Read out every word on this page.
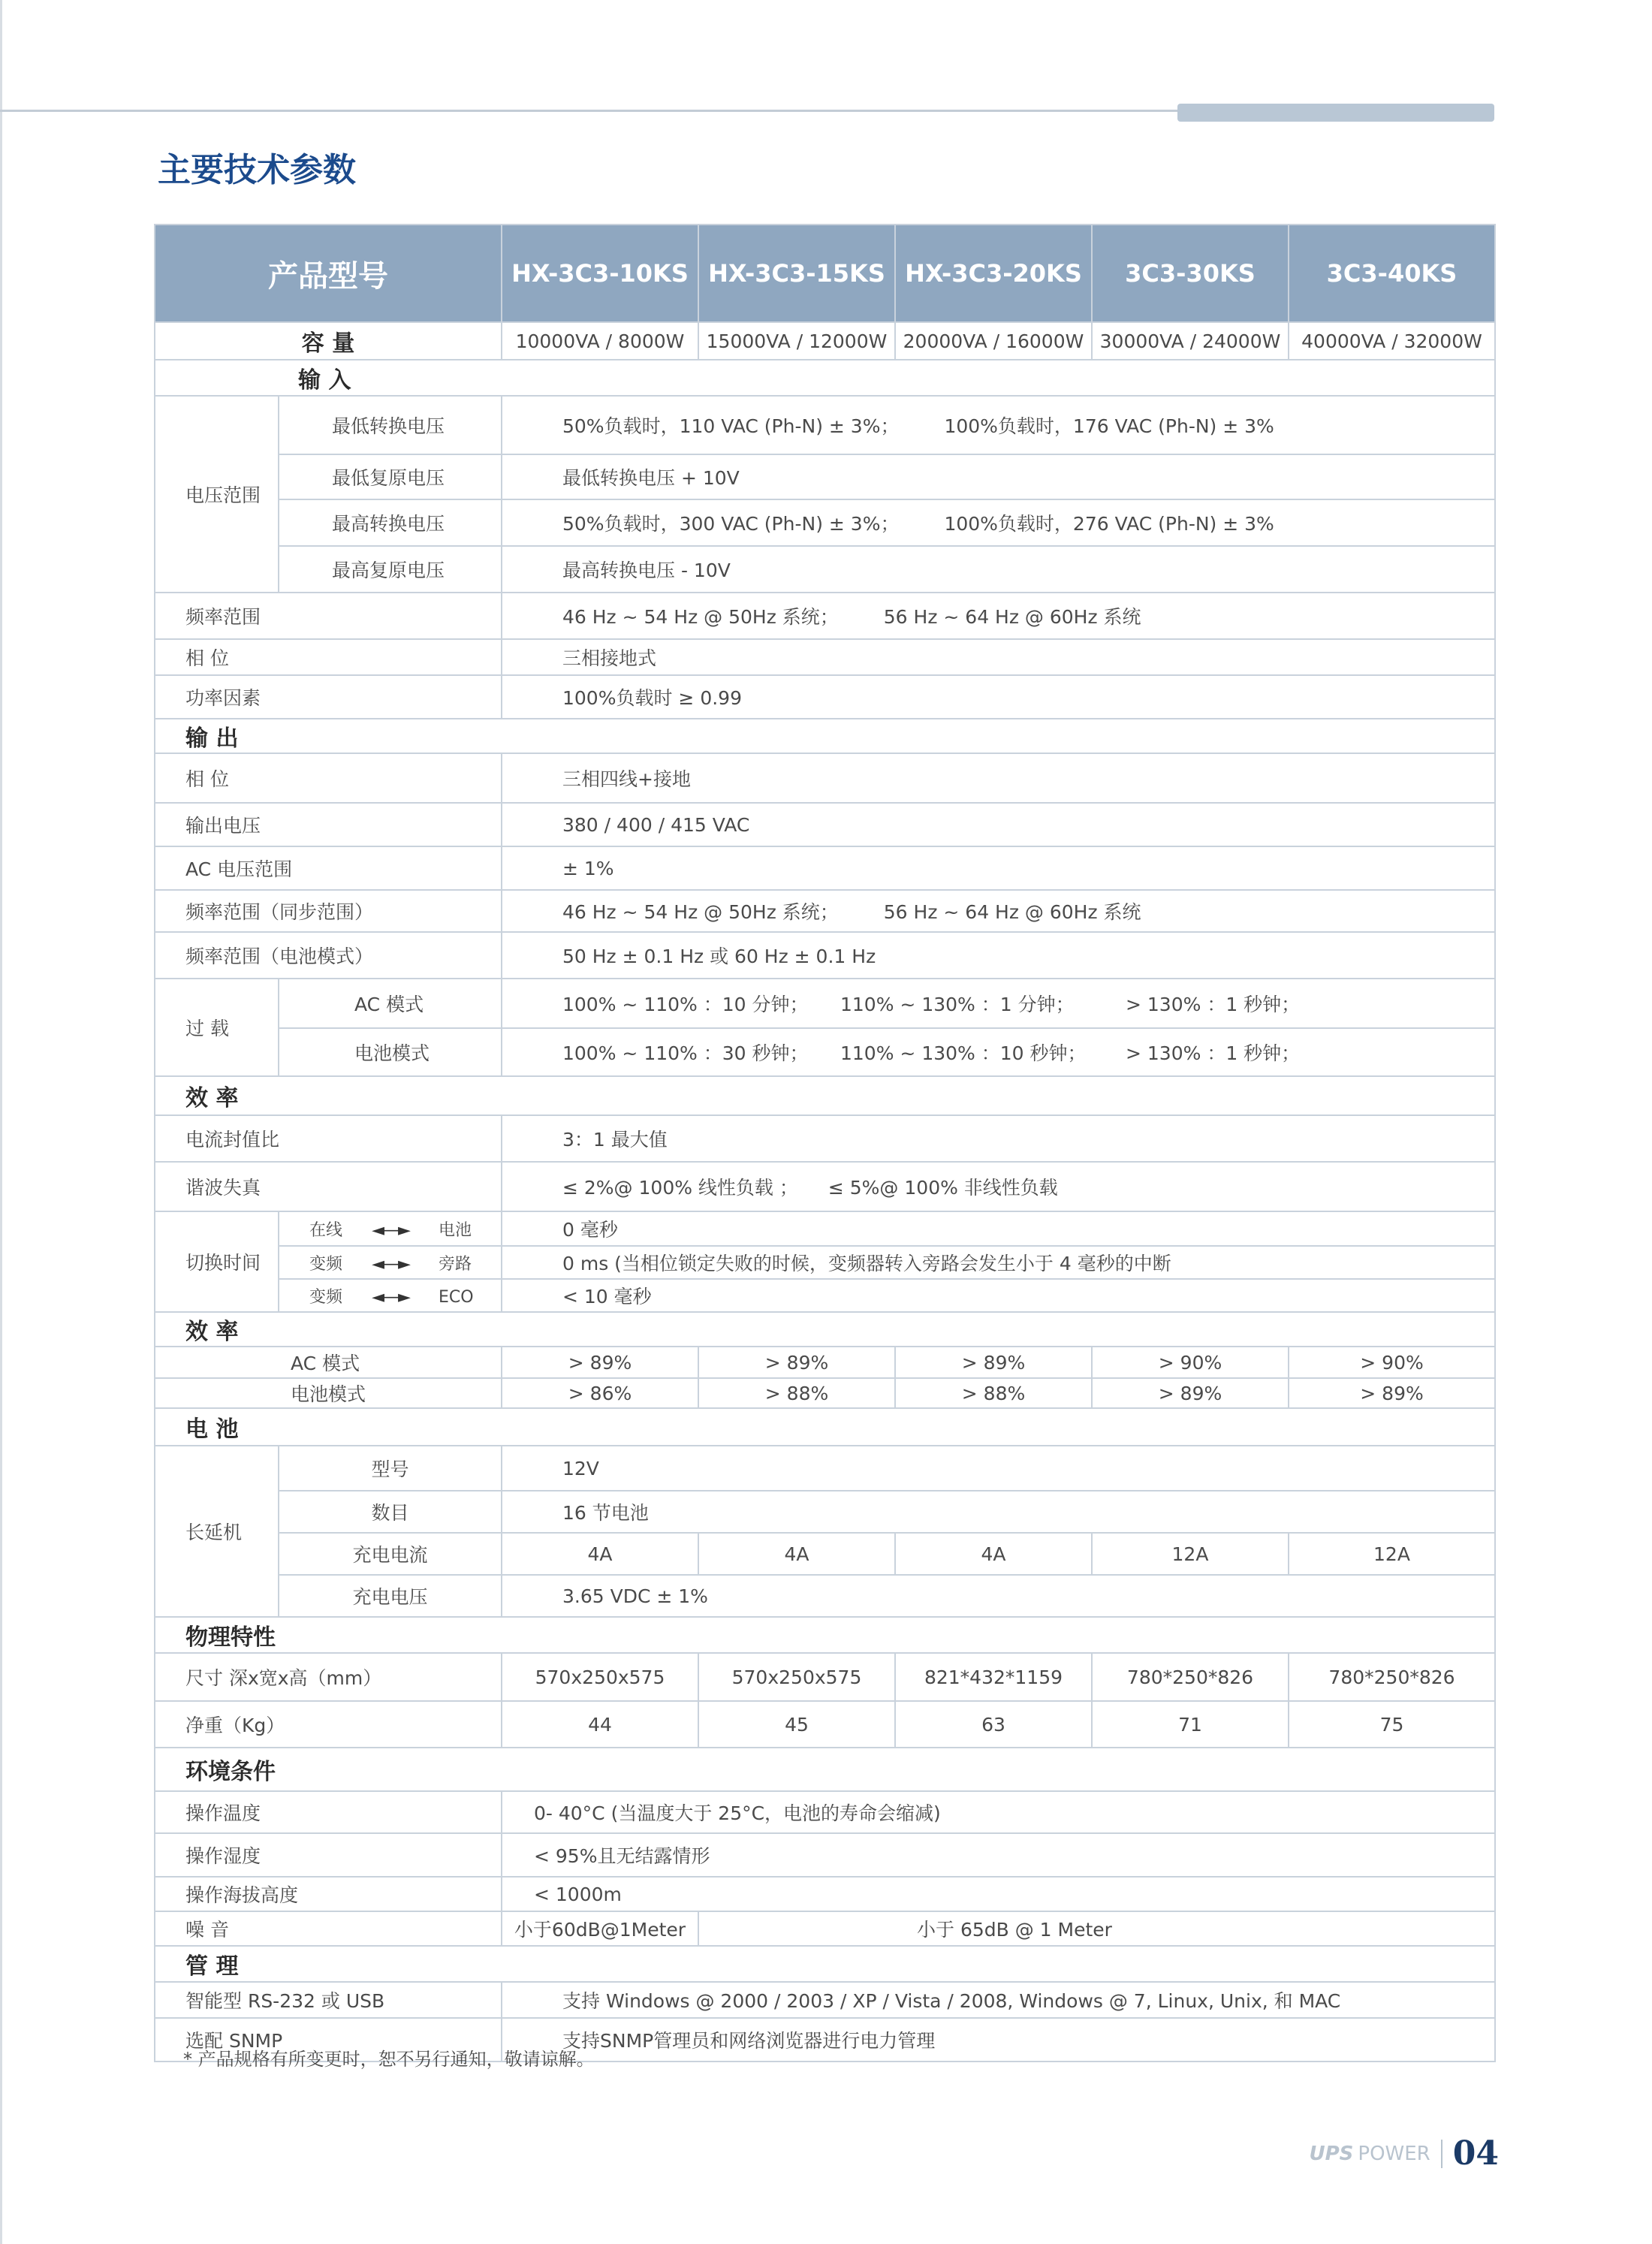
主要技术参数
产品型号		HX-3C3-10KS	HX-3C3-15KS	HX-3C3-20KS	3C3-30KS	3C3-40KS
容 量		10000VA / 8000W	15000VA / 12000W	20000VA / 16000W	30000VA / 24000W	40000VA / 32000W
输 入						
电压范围	最低转换电压	50%负载时，110 VAC (Ph-N) ± 3%； 100%负载时，176 VAC (Ph-N) ± 3%				
	最低复原电压	最低转换电压 + 10V				
	最高转换电压	50%负载时，300 VAC (Ph-N) ± 3%； 100%负载时，276 VAC (Ph-N) ± 3%				
	最高复原电压	最高转换电压 - 10V				
频率范围		46 Hz ~ 54 Hz @ 50Hz 系统； 56 Hz ~ 64 Hz @ 60Hz 系统				
相 位		三相接地式				
功率因素		100%负载时 ≥ 0.99				
输 出						
相 位		三相四线+接地				
输出电压		380 / 400 / 415 VAC				
AC 电压范围		± 1%				
频率范围（同步范围）		46 Hz ~ 54 Hz @ 50Hz 系统； 56 Hz ~ 64 Hz @ 60Hz 系统				
频率范围（电池模式）		50 Hz ± 0.1 Hz 或 60 Hz ± 0.1 Hz				
过 载	AC 模式	100% ~ 110% ：10 分钟； 110% ~ 130% ：1 分钟； > 130% ：1 秒钟；				
	电池模式	100% ~ 110% ：30 秒钟； 110% ~ 130% ：10 秒钟； > 130% ：1 秒钟；				
效 率						
电流封值比		3：1 最大值				
谐波失真		≤ 2%@ 100% 线性负载 ； ≤ 5%@ 100% 非线性负载				
切换时间	在线 ◄—► 电池	0 毫秒				
	变频 ◄—► 旁路	0 ms (当相位锁定失败的时候，变频器转入旁路会发生小于 4 毫秒的中断				
	变频 ◄—► ECO	< 10 毫秒				
效 率						
AC 模式		> 89%	> 89%	> 89%	> 90%	> 90%
电池模式		> 86%	> 88%	> 88%	> 89%	> 89%
电 池						
长延机	型号	12V				
	数目	16 节电池				
	充电电流	4A	4A	4A	12A	12A
	充电电压	3.65 VDC ± 1%				
物理特性						
尺寸 深x宽x高（mm）		570x250x575	570x250x575	821*432*1159	780*250*826	780*250*826
净重（Kg）		44	45	63	71	75
环境条件						
操作温度		0- 40°C (当温度大于 25°C，电池的寿命会缩减)				
操作湿度		< 95%且无结露情形				
操作海拔高度		< 1000m				
噪 音		小于60dB@1Meter	小于 65dB @ 1 Meter			
管 理						
智能型 RS-232 或 USB		支持 Windows @ 2000 / 2003 / XP / Vista / 2008, Windows @ 7, Linux, Unix, 和 MAC				
选配 SNMP		支持SNMP管理员和网络浏览器进行电力管理				
* 产品规格有所变更时，恕不另行通知，敬请谅解。
UPS POWER 04
